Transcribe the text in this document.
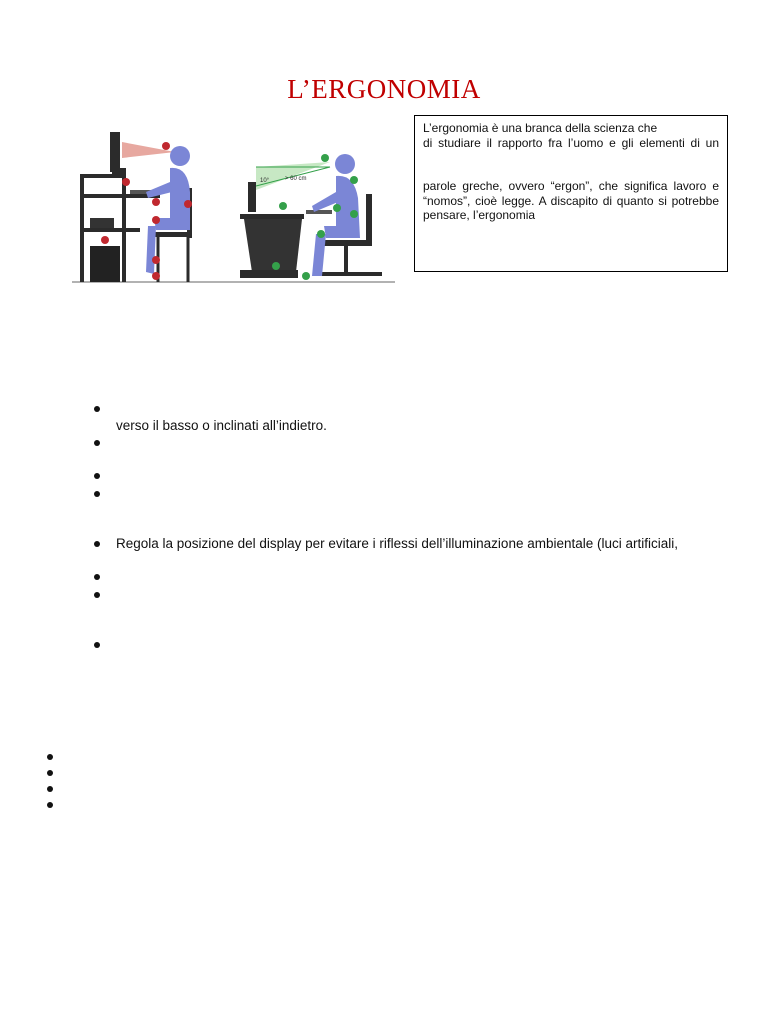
L’ERGONOMIA
10°	> 60 cm
L’ergonomia è una branca della scienza che
di studiare il rapporto fra l’uomo e gli elementi di un
parole greche, ovvero “ergon”, che significa lavoro e
“nomos”, cioè legge. A discapito di quanto si potrebbe
pensare, l’ergonomia
verso il basso o inclinati all’indietro.
Regola la posizione del display per evitare i riflessi dell’illuminazione ambientale (luci artificiali,
